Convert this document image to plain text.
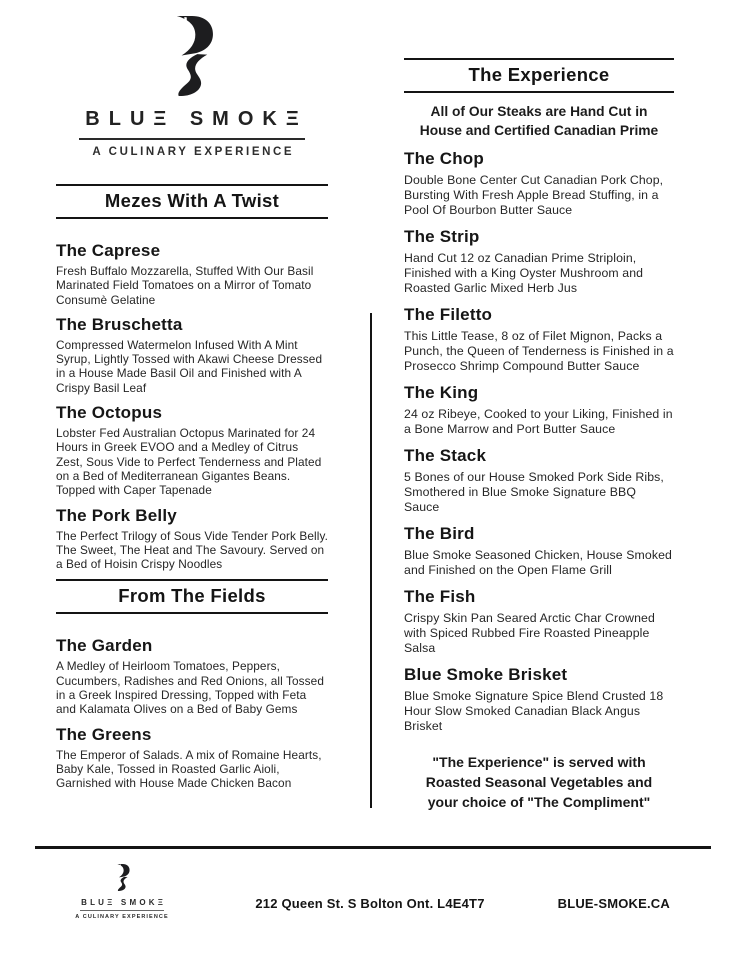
BLUΞ SMOKΞ
A CULINARY EXPERIENCE
Mezes With A Twist
The Caprese

Fresh Buffalo Mozzarella, Stuffed With Our Basil Marinated Field Tomatoes on a Mirror of Tomato Consumè Gelatine

The Bruschetta

Compressed Watermelon Infused With A Mint Syrup, Lightly Tossed with Akawi Cheese Dressed in a House Made Basil Oil and Finished with A Crispy Basil Leaf

The Octopus

Lobster Fed Australian Octopus Marinated for 24 Hours in Greek EVOO and a Medley of Citrus Zest, Sous Vide to Perfect Tenderness and Plated on a Bed of Mediterranean Gigantes Beans. Topped with Caper Tapenade

The Pork Belly

The Perfect Trilogy of Sous Vide Tender Pork Belly. The Sweet, The Heat and The Savoury. Served on a Bed of Hoisin Crispy Noodles

From The Fields
The Garden

A Medley of Heirloom Tomatoes, Peppers, Cucumbers, Radishes and Red Onions, all Tossed in a Greek Inspired Dressing, Topped with Feta and Kalamata Olives on a Bed of Baby Gems

The Greens

The Emperor of Salads. A mix of Romaine Hearts, Baby Kale, Tossed in Roasted Garlic Aioli, Garnished with House Made Chicken Bacon

The Experience
All of Our Steaks are Hand Cut in
House and Certified Canadian Prime
The Chop

Double Bone Center Cut Canadian Pork Chop, Bursting With Fresh Apple Bread Stuffing, in a Pool Of Bourbon Butter Sauce

The Strip

Hand Cut 12 oz Canadian Prime Striploin, Finished with a King Oyster Mushroom and Roasted Garlic Mixed Herb Jus

The Filetto

This Little Tease, 8 oz of Filet Mignon, Packs a Punch, the Queen of Tenderness is Finished in a Prosecco Shrimp Compound Butter Sauce

The King

24 oz Ribeye, Cooked to your Liking, Finished in a Bone Marrow and Port Butter Sauce

The Stack

5 Bones of our House Smoked Pork Side Ribs, Smothered in Blue Smoke Signature BBQ Sauce

The Bird

Blue Smoke Seasoned Chicken, House Smoked and Finished on the Open Flame Grill

The Fish

Crispy Skin Pan Seared Arctic Char Crowned with Spiced Rubbed Fire Roasted Pineapple Salsa

Blue Smoke Brisket

Blue Smoke Signature Spice Blend Crusted 18 Hour Slow Smoked Canadian Black Angus Brisket

"The Experience" is served with
Roasted Seasonal Vegetables and
your choice of "The Compliment"
BLUΞ SMOKΞ
A CULINARY EXPERIENCE
212 Queen St. S Bolton Ont. L4E4T7	BLUE-SMOKE.CA
